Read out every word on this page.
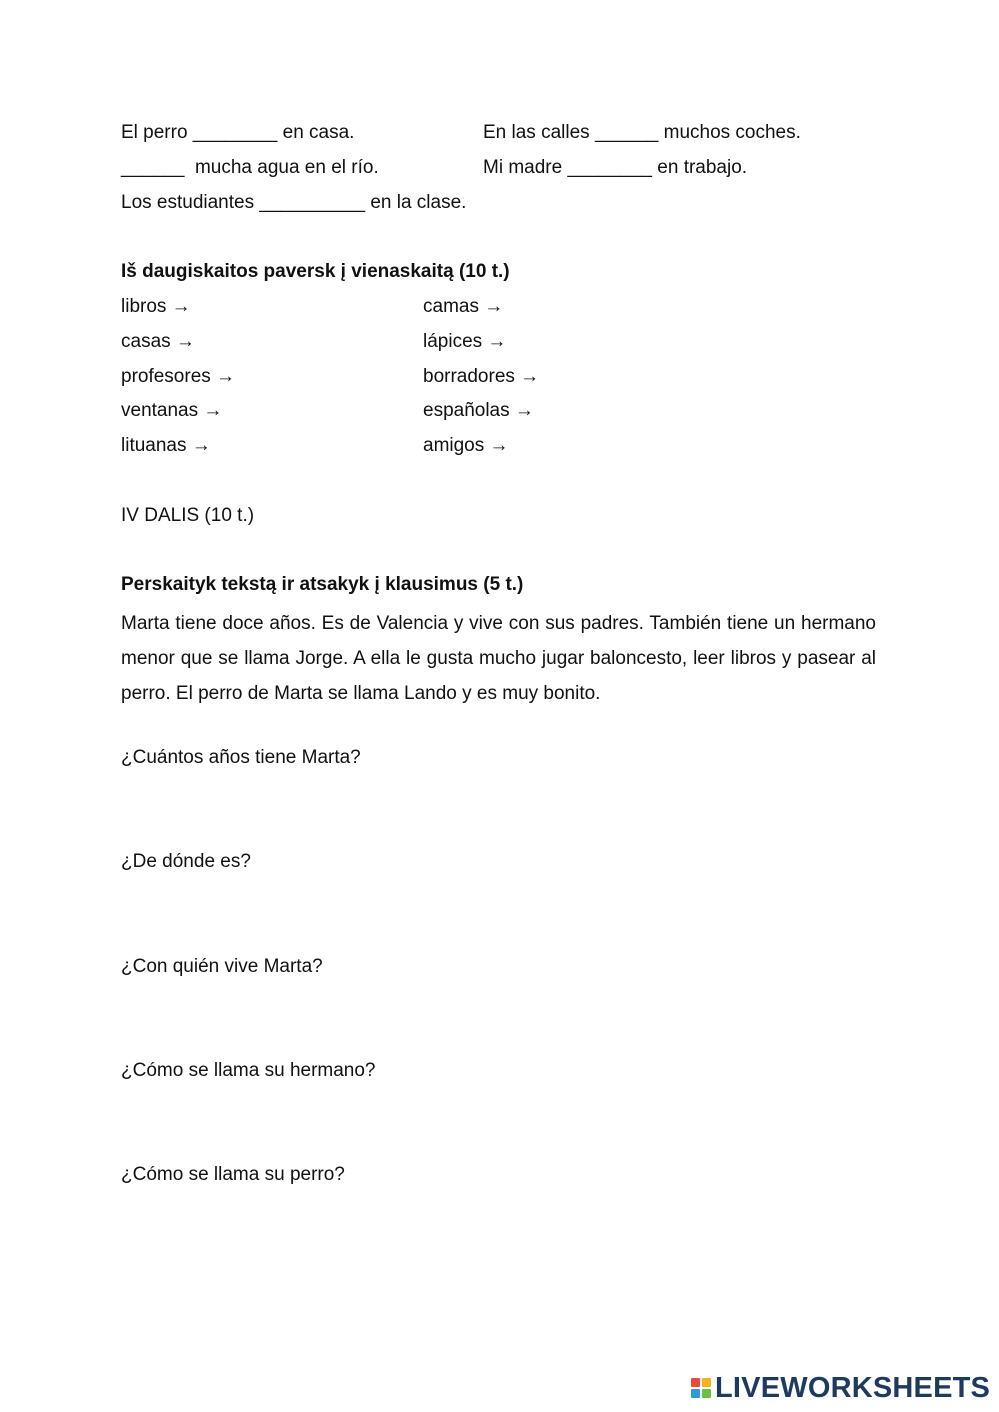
El perro ________ en casa.	En las calles ______ muchos coches.
______  mucha agua en el río.	Mi madre ________ en trabajo.
Los estudiantes __________ en la clase.
Iš daugiskaitos paversk į vienaskaitą (10 t.)
libros →	camas →
casas →	lápices →
profesores →	borradores →
ventanas →	españolas →
lituanas →	amigos →
IV DALIS (10 t.)
Perskaityk tekstą ir atsakyk į klausimus (5 t.)
Marta tiene doce años. Es de Valencia y vive con sus padres. También tiene un hermano menor que se llama Jorge. A ella le gusta mucho jugar baloncesto, leer libros y pasear al perro. El perro de Marta se llama Lando y es muy bonito.
¿Cuántos años tiene Marta?
¿De dónde es?
¿Con quién vive Marta?
¿Cómo se llama su hermano?
¿Cómo se llama su perro?
LIVEWORKSHEETS
